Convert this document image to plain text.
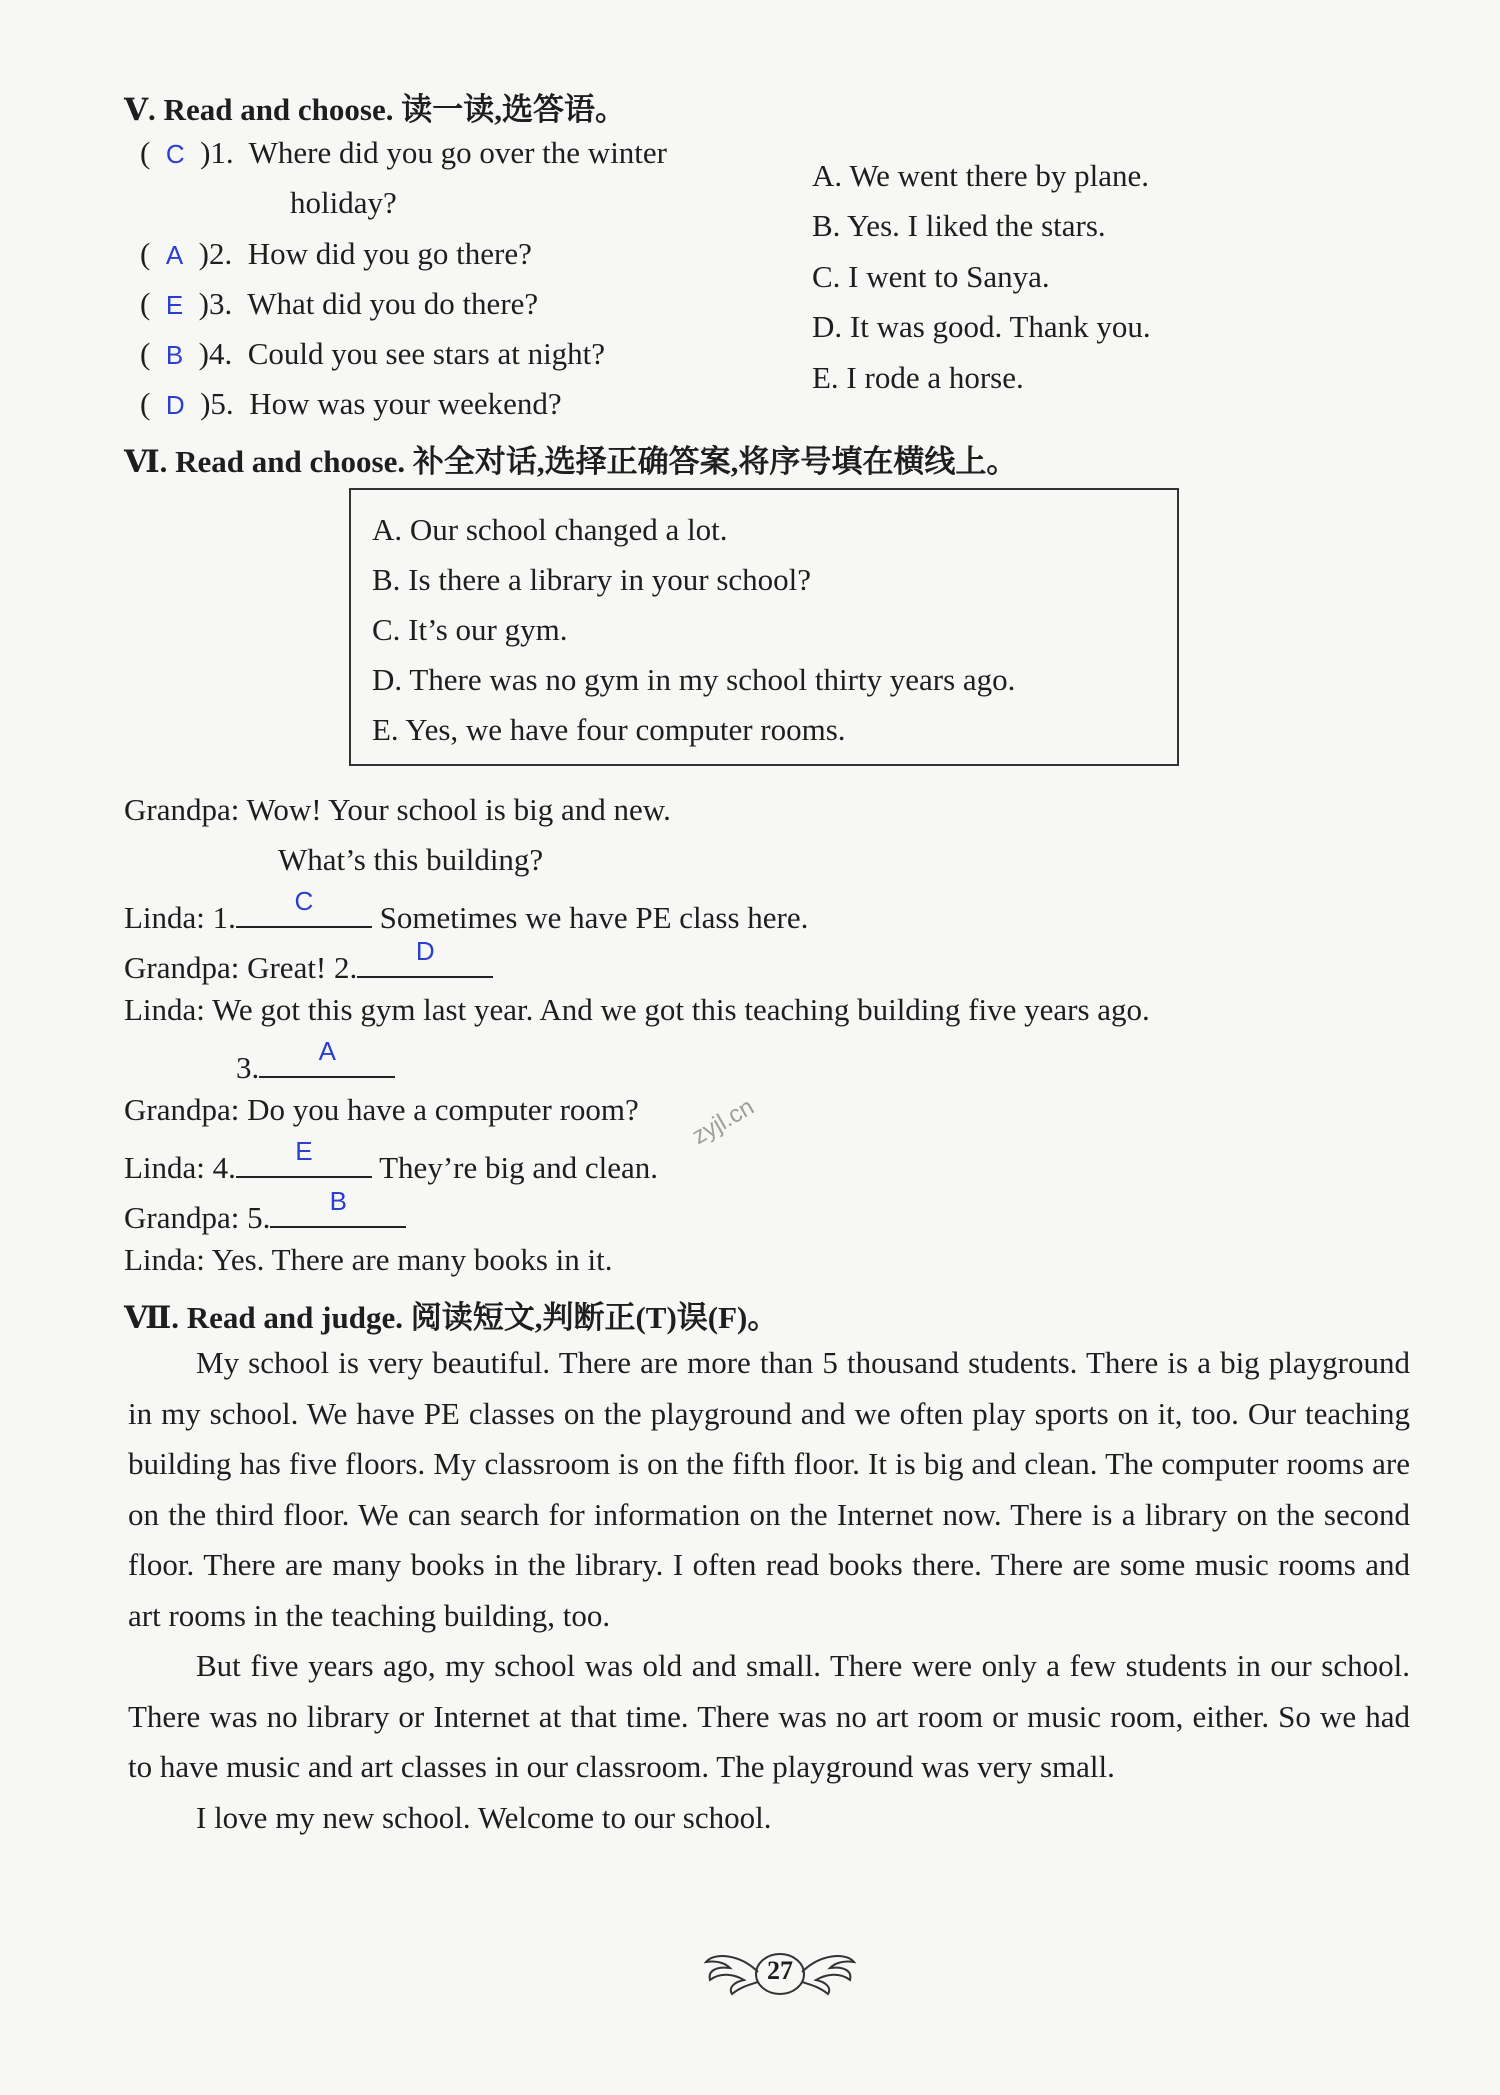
Ⅴ. Read and choose. 读一读,选答语。
(  C )1. Where did you go over the winter
holiday?
(  A )2. How did you go there?
(  E )3. What did you do there?
(  B )4. Could you see stars at night?
(  D )5. How was your weekend?
A. We went there by plane.
B. Yes. I liked the stars.
C. I went to Sanya.
D. It was good. Thank you.
E. I rode a horse.
Ⅵ. Read and choose. 补全对话,选择正确答案,将序号填在横线上。
A. Our school changed a lot.
B. Is there a library in your school?
C. It’s our gym.
D. There was no gym in my school thirty years ago.
E. Yes, we have four computer rooms.
Grandpa: Wow! Your school is big and new.
What’s this building?
Linda: 1.	C	Sometimes we have PE class here.
Grandpa: Great! 2.	D
Linda: We got this gym last year. And we got this teaching building five years ago.
3.	A
Grandpa: Do you have a computer room?
Linda: 4.	E	They’re big and clean.
Grandpa: 5.	B
Linda: Yes. There are many books in it.
zyjl.cn
Ⅶ. Read and judge. 阅读短文,判断正(T)误(F)。

My school is very beautiful. There are more than 5 thousand students. There is a big playground in my school. We have PE classes on the playground and we often play sports on it, too. Our teaching building has five floors. My classroom is on the fifth floor. It is big and clean. The computer rooms are on the third floor. We can search for information on the Internet now. There is a library on the second floor. There are many books in the library. I often read books there. There are some music rooms and art rooms in the teaching building, too.

But five years ago, my school was old and small. There were only a few students in our school. There was no library or Internet at that time. There was no art room or music room, either. So we had to have music and art classes in our classroom. The playground was very small.

I love my new school. Welcome to our school.

27
